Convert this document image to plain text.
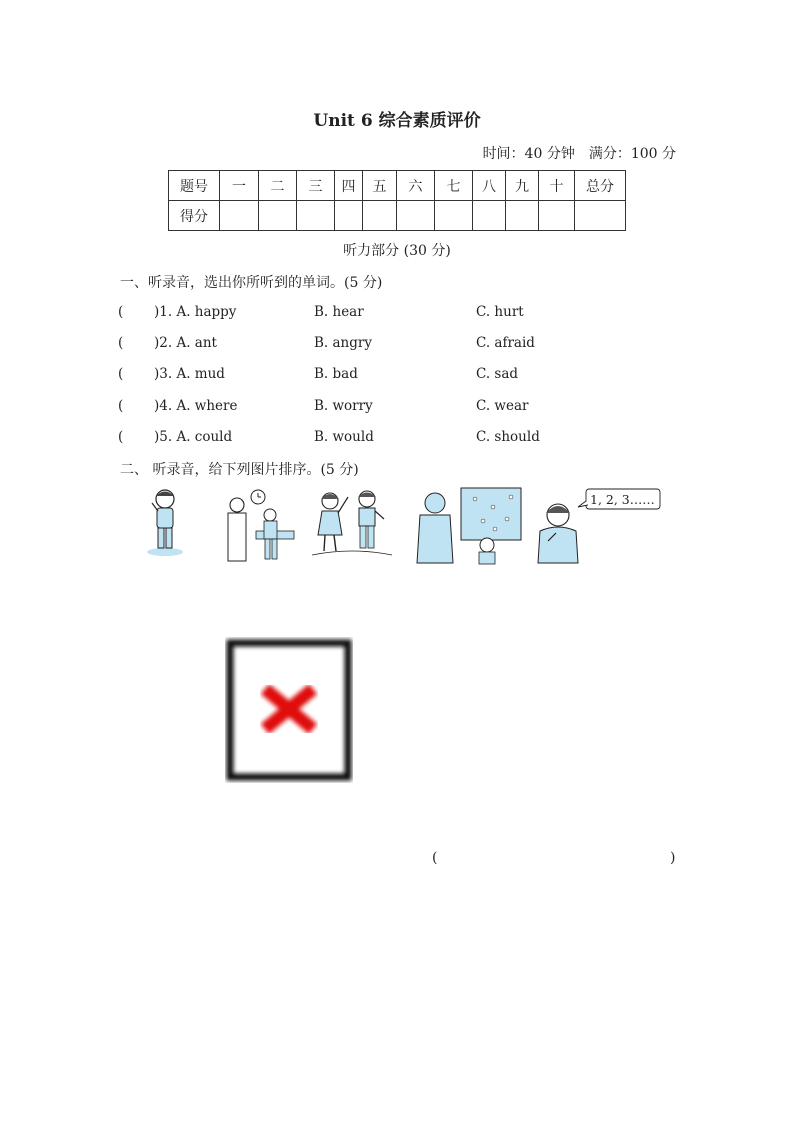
Unit 6 综合素质评价
时间：40 分钟　 满分：100 分
题号	一	二	三	四	五	六	七	八	九	十	总分
得分											
听力部分 (30 分)
一、听录音，选出你所听到的单词。(5 分)
( )1. A. happy	B. hear	C. hurt
( )2. A. ant	B. angry	C. afraid
( )3. A. mud	B. bad	C. sad
( )4. A. where	B. worry	C. wear
( )5. A. could	B. would	C. should
二、 听录音，给下列图片排序。(5 分)
1, 2, 3……
(	)
